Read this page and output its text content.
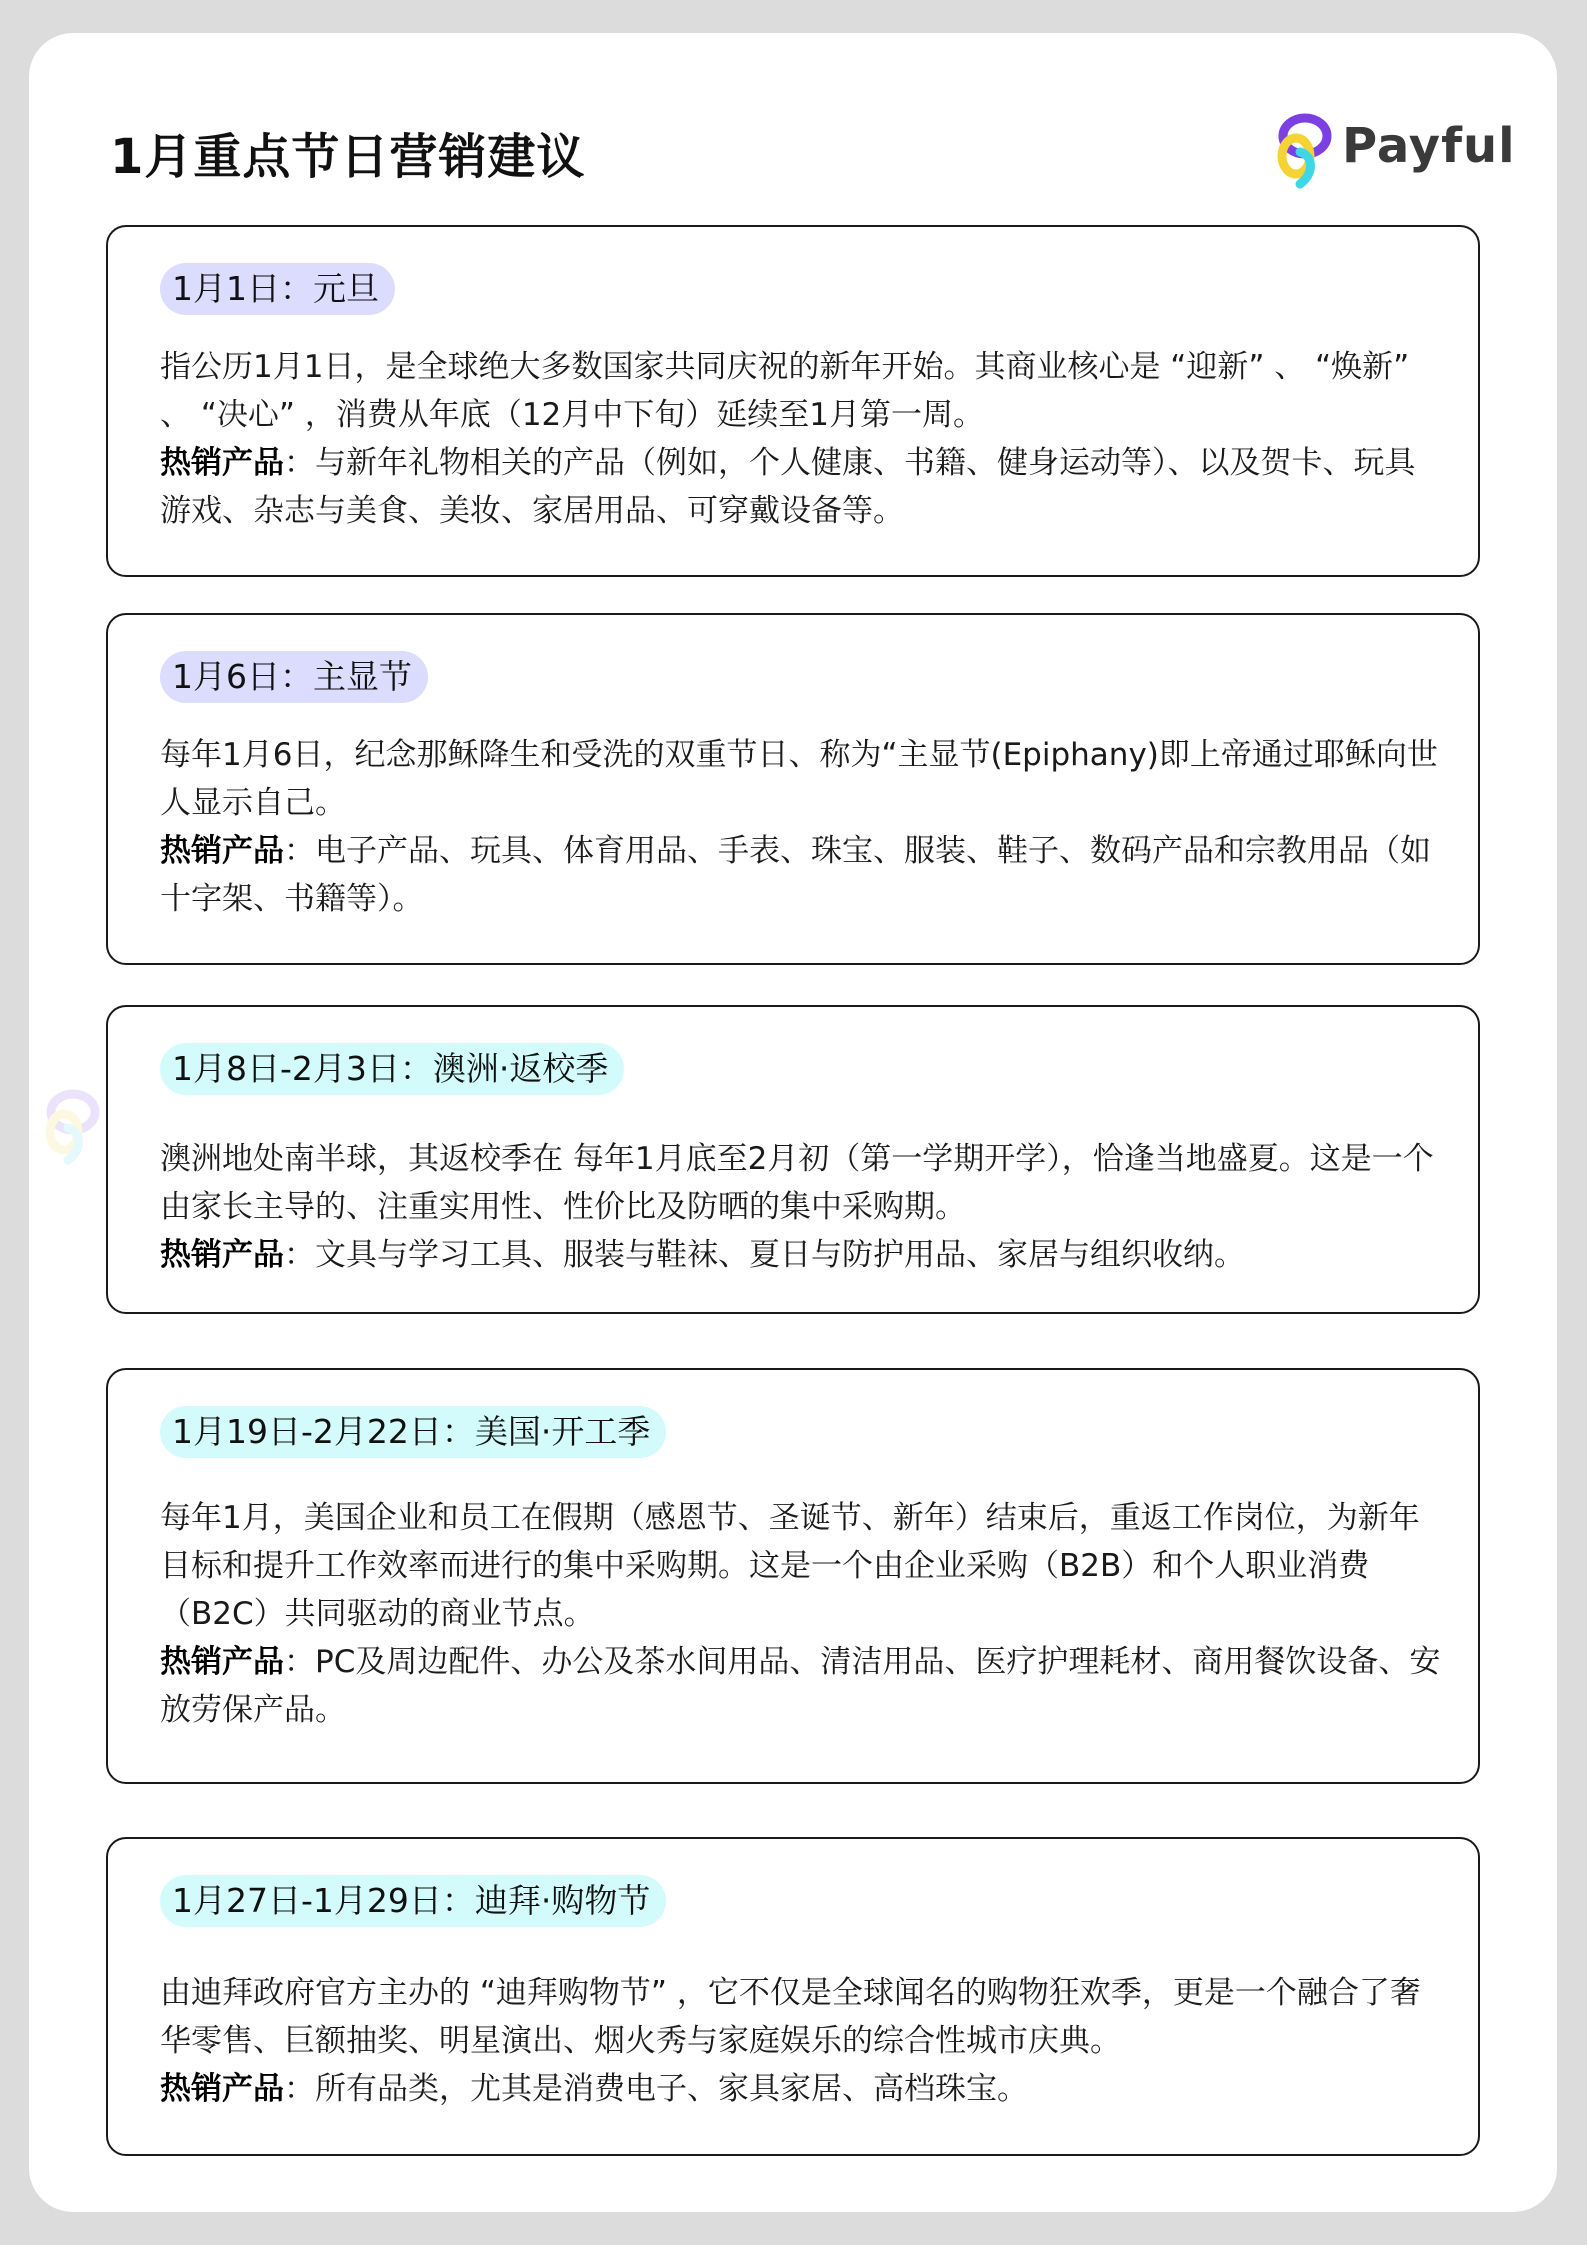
1月重点节日营销建议	Payful
1月1日：元旦

指公历1月1日，是全球绝大多数国家共同庆祝的新年开始。其商业核心是 “迎新” 、 “焕新” 、 “决心” ，消费从年底（12月中下旬）延续至1月第一周。

热销产品：与新年礼物相关的产品（例如，个人健康、书籍、健身运动等）、以及贺卡、玩具游戏、杂志与美食、美妆、家居用品、可穿戴设备等。

1月6日：主显节

每年1月6日，纪念那稣降生和受洗的双重节日、称为“主显节(Epiphany)即上帝通过耶稣向世人显示自己。

热销产品：电子产品、玩具、体育用品、手表、珠宝、服装、鞋子、数码产品和宗教用品（如十字架、书籍等）。

1月8日-2月3日：澳洲·返校季

澳洲地处南半球，其返校季在 每年1月底至2月初（第一学期开学），恰逢当地盛夏。这是一个由家长主导的、注重实用性、性价比及防晒的集中采购期。

热销产品：文具与学习工具、服装与鞋袜、夏日与防护用品、家居与组织收纳。

1月19日-2月22日：美国·开工季

每年1月，美国企业和员工在假期（感恩节、圣诞节、新年）结束后，重返工作岗位，为新年目标和提升工作效率而进行的集中采购期。这是一个由企业采购（B2B）和个人职业消费（B2C）共同驱动的商业节点。

热销产品：PC及周边配件、办公及茶水间用品、清洁用品、医疗护理耗材、商用餐饮设备、安放劳保产品。

1月27日-1月29日：迪拜·购物节

由迪拜政府官方主办的 “迪拜购物节” ，它不仅是全球闻名的购物狂欢季，更是一个融合了奢华零售、巨额抽奖、明星演出、烟火秀与家庭娱乐的综合性城市庆典。

热销产品：所有品类，尤其是消费电子、家具家居、高档珠宝。
